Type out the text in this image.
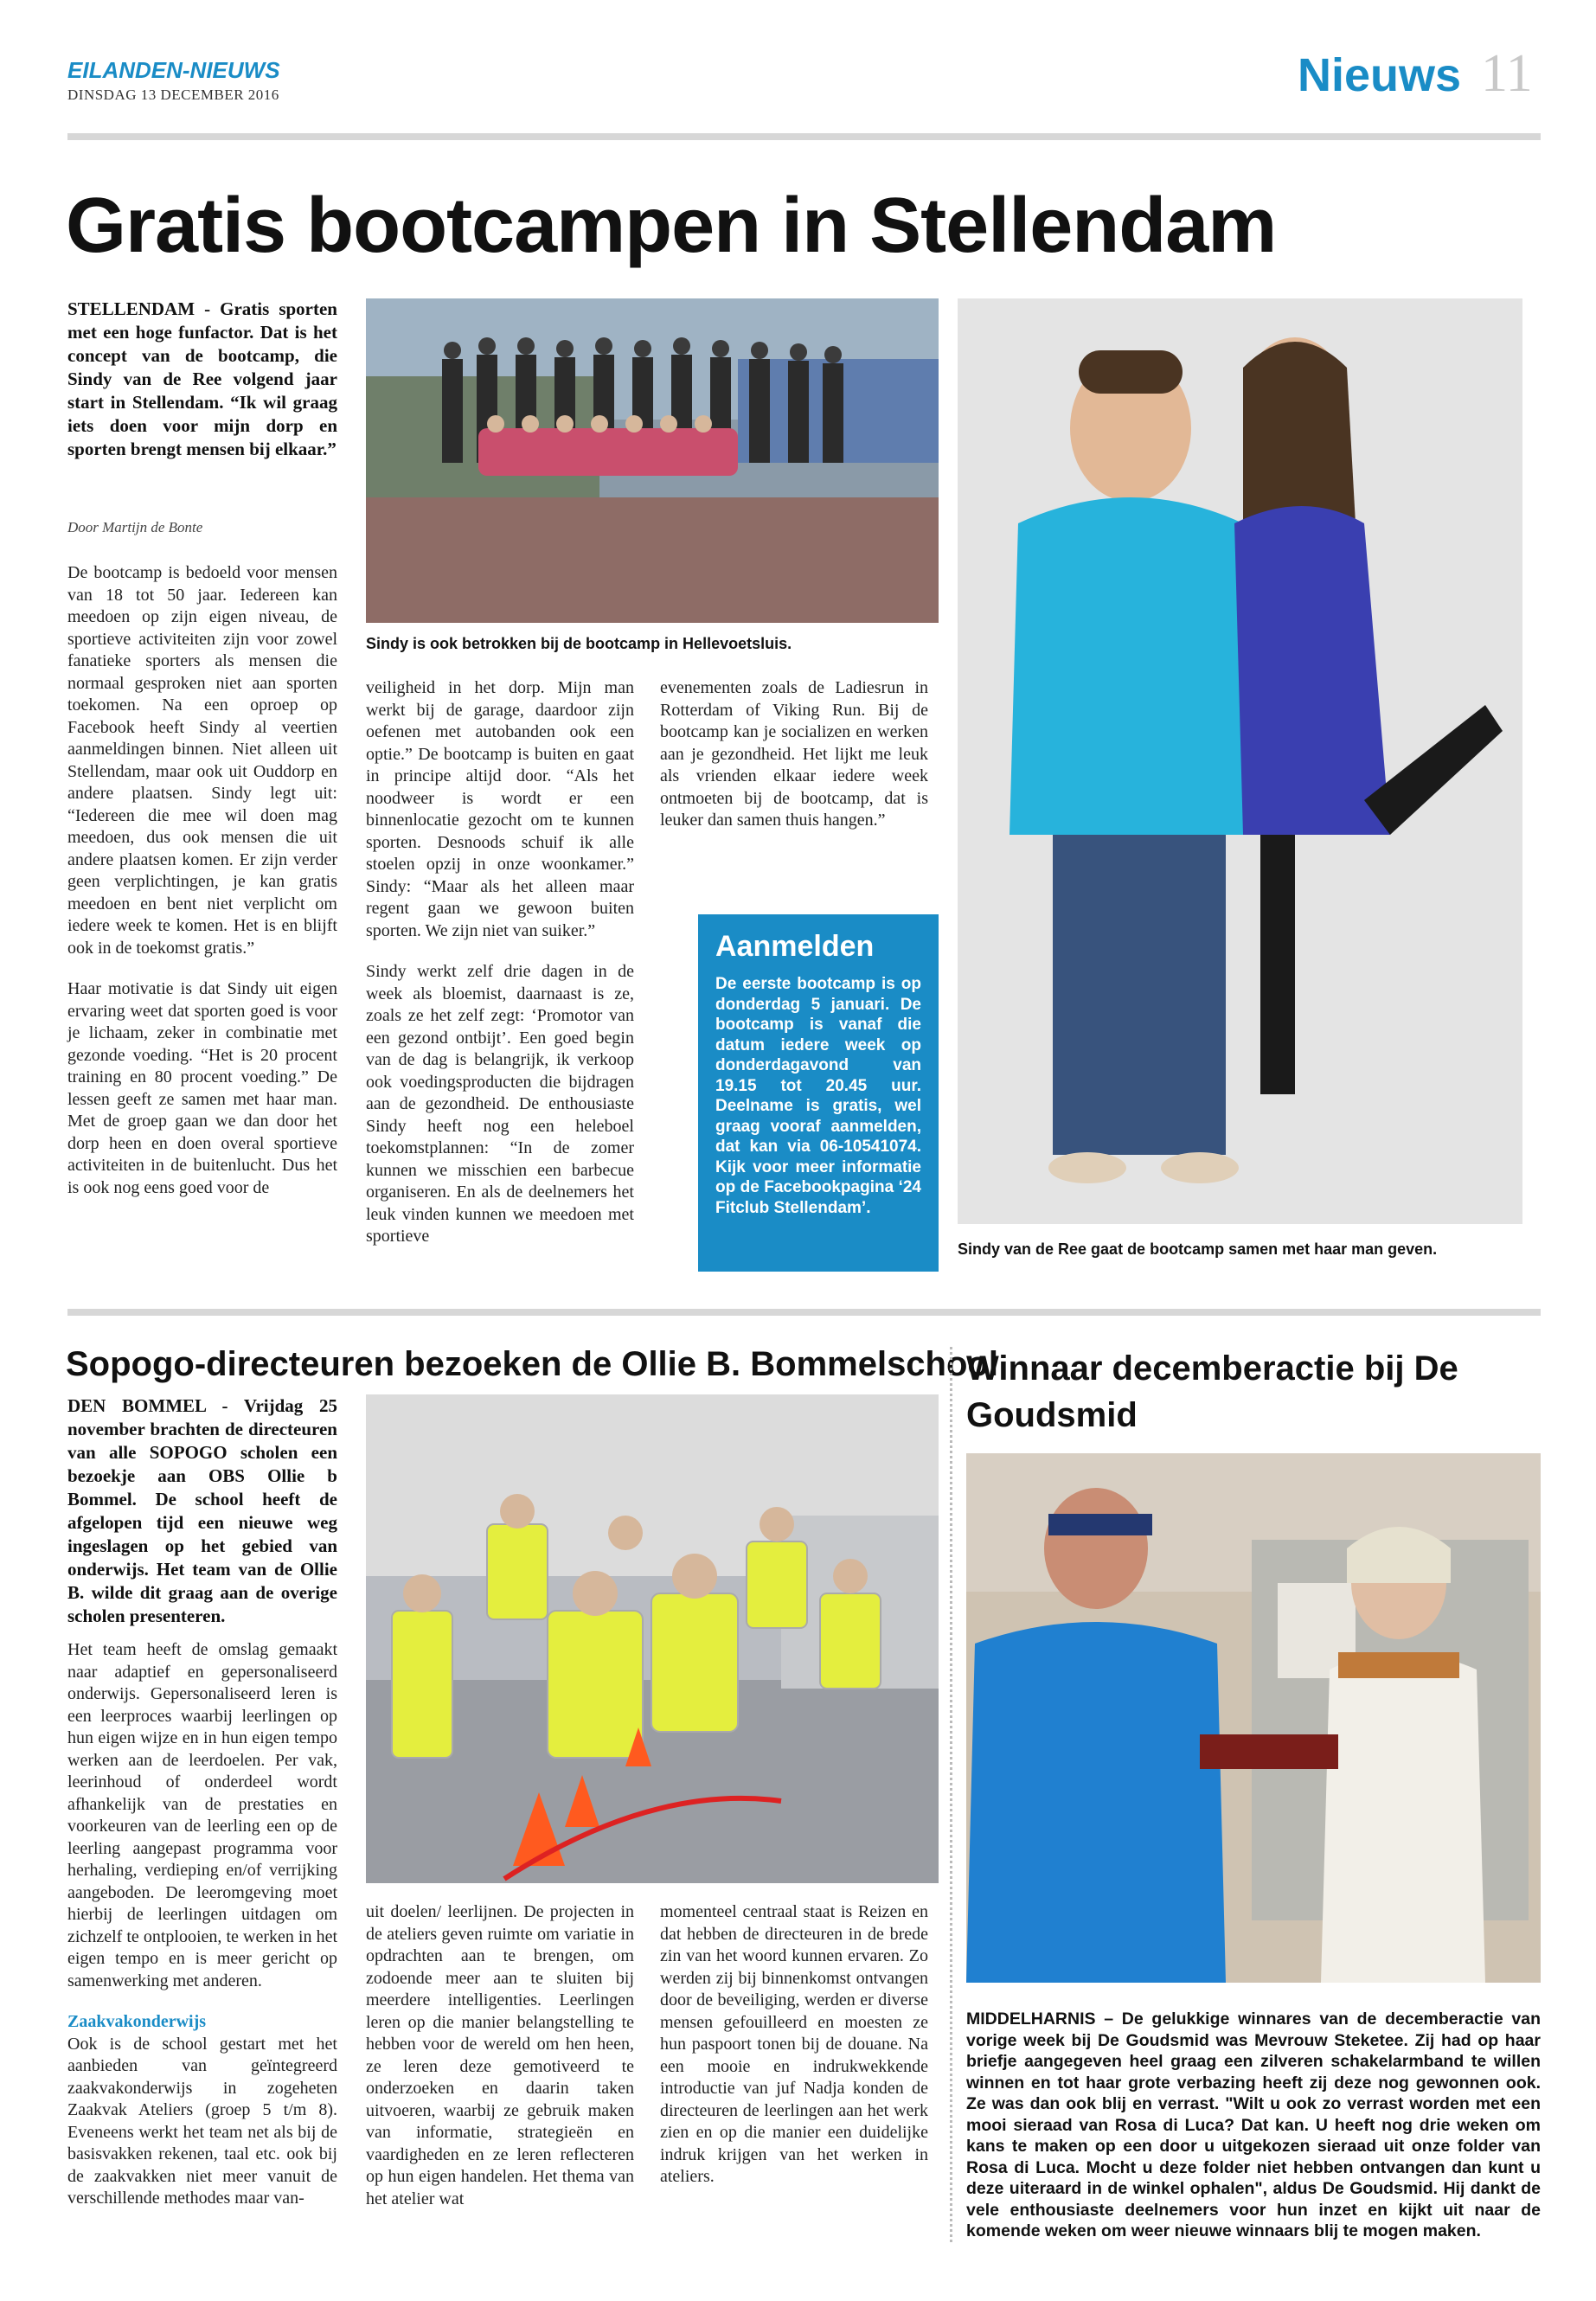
EILANDEN-NIEUWS
DINSDAG 13 DECEMBER 2016	Nieuws 11
Gratis bootcampen in Stellendam
STELLENDAM - Gratis sporten met een hoge funfactor. Dat is het concept van de bootcamp, die Sindy van de Ree volgend jaar start in Stellendam. “Ik wil graag iets doen voor mijn dorp en sporten brengt mensen bij elkaar.”
Door Martijn de Bonte

De bootcamp is bedoeld voor mensen van 18 tot 50 jaar. Iedereen kan meedoen op zijn eigen niveau, de sportieve activiteiten zijn voor zowel fanatieke sporters als mensen die normaal gesproken niet aan sporten toekomen. Na een oproep op Facebook heeft Sindy al veertien aanmeldingen binnen. Niet alleen uit Stellendam, maar ook uit Ouddorp en andere plaatsen. Sindy legt uit: “Iedereen die mee wil doen mag meedoen, dus ook mensen die uit andere plaatsen komen. Er zijn verder geen verplichtingen, je kan gratis meedoen en bent niet verplicht om iedere week te komen. Het is en blijft ook in de toekomst gratis.”

Haar motivatie is dat Sindy uit eigen ervaring weet dat sporten goed is voor je lichaam, zeker in combinatie met gezonde voeding. “Het is 20 procent training en 80 procent voeding.” De lessen geeft ze samen met haar man. Met de groep gaan we dan door het dorp heen en doen overal sportieve activiteiten in de buitenlucht. Dus het is ook nog eens goed voor de

Sindy is ook betrokken bij de bootcamp in Hellevoetsluis.

veiligheid in het dorp. Mijn man werkt bij de garage, daardoor zijn oefenen met autobanden ook een optie.” De bootcamp is buiten en gaat in principe altijd door. “Als het noodweer is wordt er een binnenlocatie gezocht om te kunnen sporten. Desnoods schuif ik alle stoelen opzij in onze woonkamer.” Sindy: “Maar als het alleen maar regent gaan we gewoon buiten sporten. We zijn niet van suiker.”

Sindy werkt zelf drie dagen in de week als bloemist, daarnaast is ze, zoals ze het zelf zegt: ‘Promotor van een gezond ontbijt’. Een goed begin van de dag is belangrijk, ik verkoop ook voedingsproducten die bijdragen aan de gezondheid. De enthousiaste Sindy heeft nog een heleboel toekomstplannen: “In de zomer kunnen we misschien een barbecue organiseren. En als de deelnemers het leuk vinden kunnen we meedoen met sportieve

evenementen zoals de Ladiesrun in Rotterdam of Viking Run. Bij de bootcamp kan je socializen en werken aan je gezondheid. Het lijkt me leuk als vrienden elkaar iedere week ontmoeten bij de bootcamp, dat is leuker dan samen thuis hangen.”

Aanmelden
De eerste bootcamp is op donderdag 5 januari. De bootcamp is vanaf die datum iedere week op donderdagavond van 19.15 tot 20.45 uur. Deelname is gratis, wel graag vooraf aanmelden, dat kan via 06-10541074. Kijk voor meer informatie op de Facebookpagina ‘24 Fitclub Stellendam’.
Sindy van de Ree gaat de bootcamp samen met haar man geven.
Sopogo-directeuren bezoeken de Ollie B. Bommelschool
DEN BOMMEL - Vrijdag 25 november brachten de directeuren van alle SOPOGO scholen een bezoekje aan OBS Ollie b Bommel. De school heeft de afgelopen tijd een nieuwe weg ingeslagen op het gebied van onderwijs. Het team van de Ollie B. wilde dit graag aan de overige scholen presenteren.

Het team heeft de omslag gemaakt naar adaptief en gepersonaliseerd onderwijs. Gepersonaliseerd leren is een leerproces waarbij leerlingen op hun eigen wijze en in hun eigen tempo werken aan de leerdoelen. Per vak, leerinhoud of onderdeel wordt afhankelijk van de prestaties en voorkeuren van de leerling een op de leerling aangepast programma voor herhaling, verdieping en/of verrijking aangeboden. De leeromgeving moet hierbij de leerlingen uitdagen om zichzelf te ontplooien, te werken in het eigen tempo en is meer gericht op samenwerking met anderen.

Zaakvakonderwijs

Ook is de school gestart met het aanbieden van geïntegreerd zaakvakonderwijs in zogeheten Zaakvak Ateliers (groep 5 t/m 8). Eveneens werkt het team net als bij de basisvakken rekenen, taal etc. ook bij de zaakvakken niet meer vanuit de verschillende methodes maar van-

uit doelen/ leerlijnen. De projecten in de ateliers geven ruimte om variatie in opdrachten aan te brengen, om zodoende meer aan te sluiten bij meerdere intelligenties. Leerlingen leren op die manier belangstelling te hebben voor de wereld om hen heen, ze leren deze gemotiveerd te onderzoeken en daarin taken uitvoeren, waarbij ze gebruik maken van informatie, strategieën en vaardigheden en ze leren reflecteren op hun eigen handelen. Het thema van het atelier wat

momenteel centraal staat is Reizen en dat hebben de directeuren in de brede zin van het woord kunnen ervaren. Zo werden zij bij binnenkomst ontvangen door de beveiliging, werden er diverse mensen gefouilleerd en moesten ze hun paspoort tonen bij de douane. Na een mooie en indrukwekkende introductie van juf Nadja konden de directeuren de leerlingen aan het werk zien en op die manier een duidelijke indruk krijgen van het werken in ateliers.

Winnaar decemberactie bij De Goudsmid
MIDDELHARNIS – De gelukkige winnares van de decemberactie van vorige week bij De Goudsmid was Mevrouw Steketee. Zij had op haar briefje aangegeven heel graag een zilveren schakelarmband te willen winnen en tot haar grote verbazing heeft zij deze nog gewonnen ook. Ze was dan ook blij en verrast. "Wilt u ook zo verrast worden met een mooi sieraad van Rosa di Luca? Dat kan. U heeft nog drie weken om kans te maken op een door u uitgekozen sieraad uit onze folder van Rosa di Luca. Mocht u deze folder niet hebben ontvangen dan kunt u deze uiteraard in de winkel ophalen", aldus De Goudsmid. Hij dankt de vele enthousiaste deelnemers voor hun inzet en kijkt uit naar de komende weken om weer nieuwe winnaars blij te mogen maken.
